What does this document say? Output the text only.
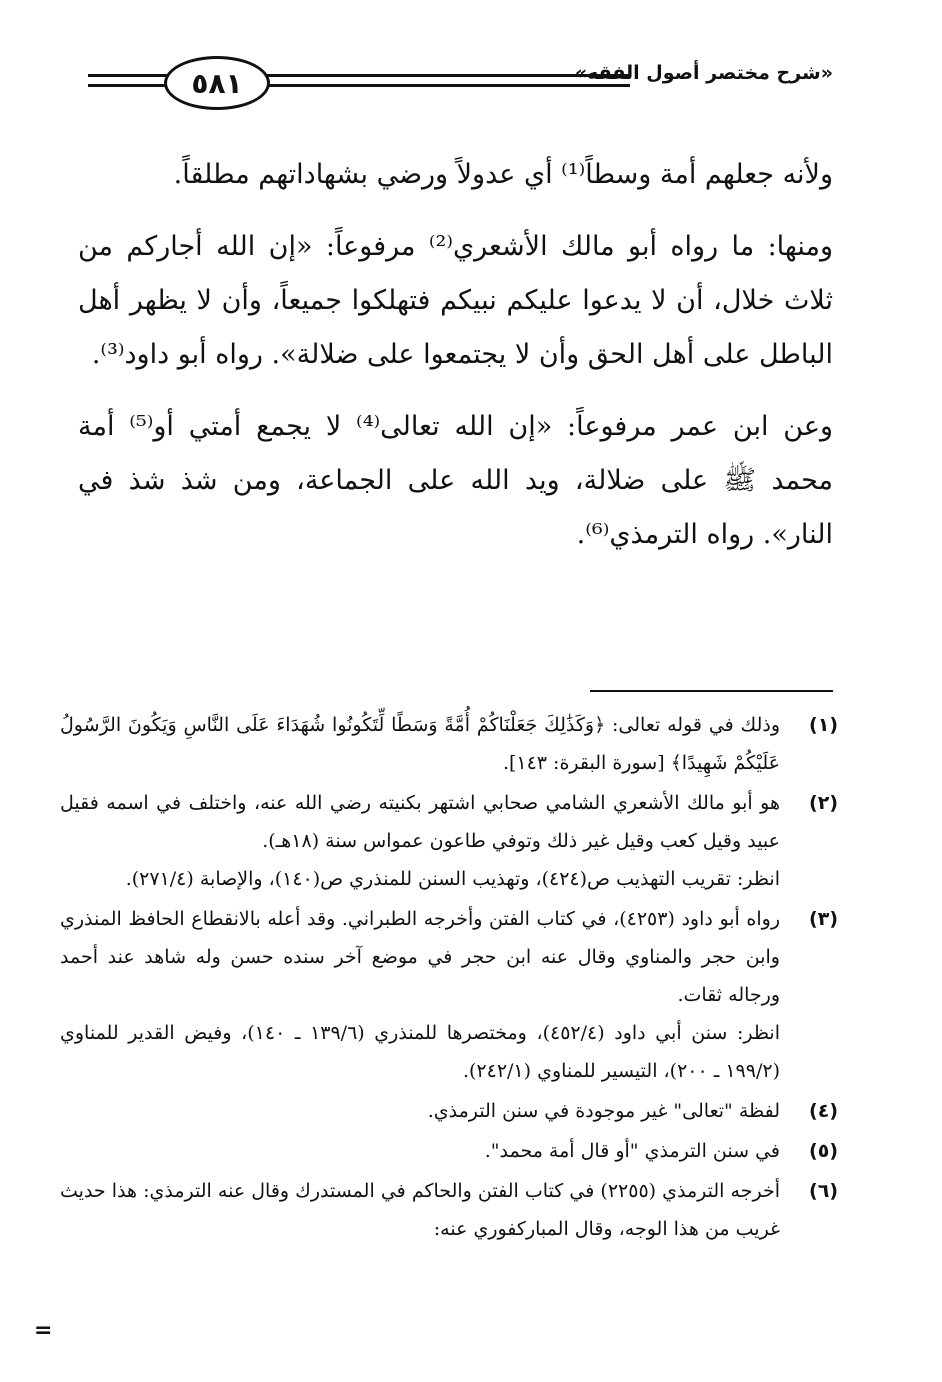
٥٨١	«شرح مختصر أصول الفقه»

ولأنه جعلهم أمة وسطاً⁽¹⁾ أي عدولاً ورضي بشهاداتهم مطلقاً.

ومنها: ما رواه أبو مالك الأشعري⁽²⁾ مرفوعاً: «إن الله أجاركم من ثلاث خلال، أن لا يدعوا عليكم نبيكم فتهلكوا جميعاً، وأن لا يظهر أهل الباطل على أهل الحق وأن لا يجتمعوا على ضلالة». رواه أبو داود⁽³⁾.

وعن ابن عمر مرفوعاً: «إن الله تعالى⁽⁴⁾ لا يجمع أمتي أو⁽⁵⁾ أمة محمد ﷺ على ضلالة، ويد الله على الجماعة، ومن شذ شذ في النار». رواه الترمذي⁽⁶⁾.

(١)
وذلك في قوله تعالى: ﴿وَكَذَٰلِكَ جَعَلْنَاكُمْ أُمَّةً وَسَطًا لِّتَكُونُوا شُهَدَاءَ عَلَى النَّاسِ وَيَكُونَ الرَّسُولُ عَلَيْكُمْ شَهِيدًا﴾ [سورة البقرة: ١٤٣].
(٢)
هو أبو مالك الأشعري الشامي صحابي اشتهر بكنيته رضي الله عنه، واختلف في اسمه فقيل عبيد وقيل كعب وقيل غير ذلك وتوفي طاعون عمواس سنة (١٨هـ).
انظر: تقريب التهذيب ص(٤٢٤)، وتهذيب السنن للمنذري ص(١٤٠)، والإصابة (٢٧١/٤).
(٣)
رواه أبو داود (٤٢٥٣)، في كتاب الفتن وأخرجه الطبراني. وقد أعله بالانقطاع الحافظ المنذري وابن حجر والمناوي وقال عنه ابن حجر في موضع آخر سنده حسن وله شاهد عند أحمد ورجاله ثقات.
انظر: سنن أبي داود (٤٥٢/٤)، ومختصرها للمنذري (١٣٩/٦ ـ ١٤٠)، وفيض القدير للمناوي (١٩٩/٢ ـ ٢٠٠)، التيسير للمناوي (٢٤٢/١).
(٤)
لفظة "تعالى" غير موجودة في سنن الترمذي.
(٥)
في سنن الترمذي "أو قال أمة محمد".
(٦)
أخرجه الترمذي (٢٢٥٥) في كتاب الفتن والحاكم في المستدرك وقال عنه الترمذي: هذا حديث غريب من هذا الوجه، وقال المباركفوري عنه:
=
